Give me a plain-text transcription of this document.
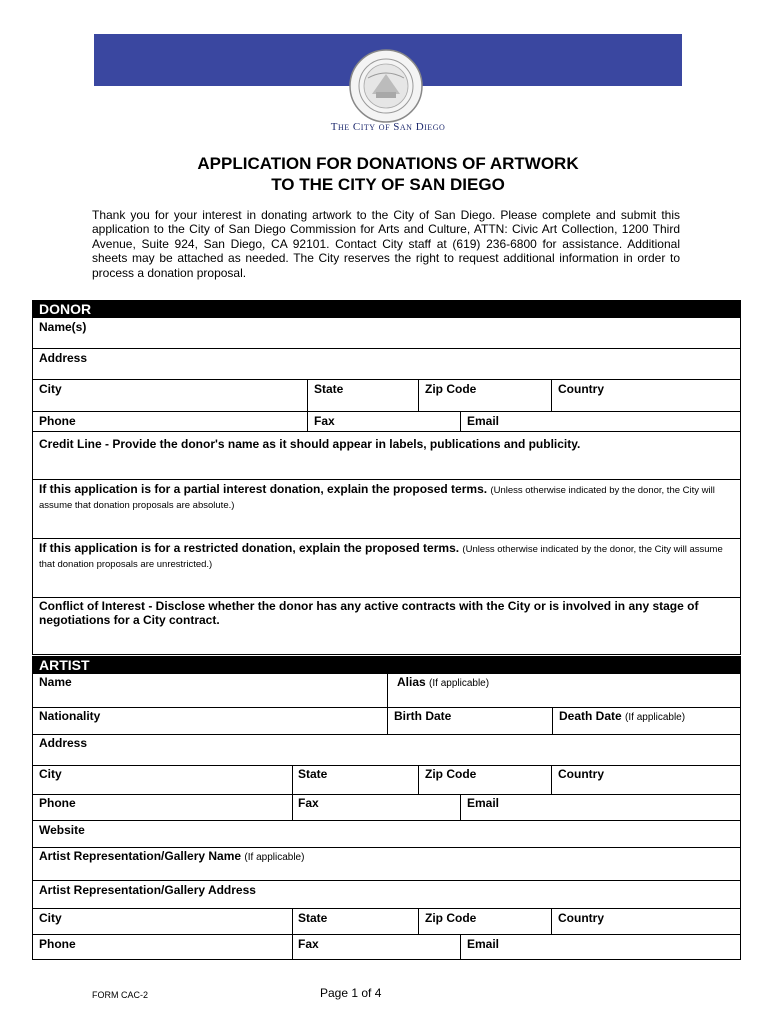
The City of San Diego
APPLICATION FOR DONATIONS OF ARTWORK
TO THE CITY OF SAN DIEGO
Thank you for your interest in donating artwork to the City of San Diego. Please complete and submit this application to the City of San Diego Commission for Arts and Culture, ATTN: Civic Art Collection, 1200 Third Avenue, Suite 924, San Diego, CA 92101. Contact City staff at (619) 236-6800 for assistance. Additional sheets may be attached as needed. The City reserves the right to request additional information in order to process a donation proposal.
DONOR
Name(s)
Address
City	State	Zip Code	Country
Phone	Fax	Email
Credit Line - Provide the donor's name as it should appear in labels, publications and publicity.
If this application is for a partial interest donation, explain the proposed terms. (Unless otherwise indicated by the donor, the City will assume that donation proposals are absolute.)
If this application is for a restricted donation, explain the proposed terms. (Unless otherwise indicated by the donor, the City will assume that donation proposals are unrestricted.)
Conflict of Interest - Disclose whether the donor has any active contracts with the City or is involved in any stage of negotiations for a City contract.
ARTIST
Name	Alias (If applicable)
Nationality	Birth Date	Death Date (If applicable)
Address
City	State	Zip Code	Country
Phone	Fax	Email
Website
Artist Representation/Gallery Name (If applicable)
Artist Representation/Gallery Address
City	State	Zip Code	Country
Phone	Fax	Email
FORM CAC-2	Page 1 of 4
